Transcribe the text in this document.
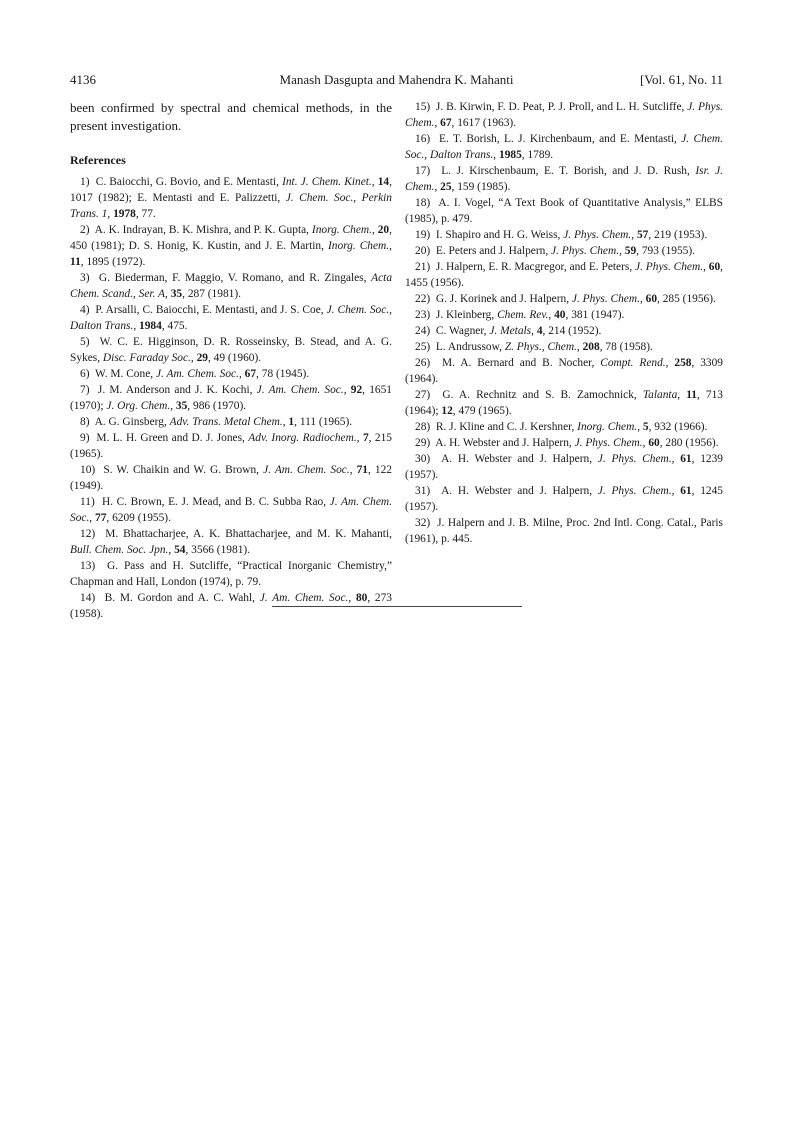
4136	Manash Dasgupta and Mahendra K. Mahanti	[Vol. 61, No. 11

been confirmed by spectral and chemical methods, in the present investigation.

References

1)  C. Baiocchi, G. Bovio, and E. Mentasti, Int. J. Chem. Kinet., 14, 1017 (1982); E. Mentasti and E. Palizzetti, J. Chem. Soc., Perkin Trans. 1, 1978, 77.

2)  A. K. Indrayan, B. K. Mishra, and P. K. Gupta, Inorg. Chem., 20, 450 (1981); D. S. Honig, K. Kustin, and J. E. Martin, Inorg. Chem., 11, 1895 (1972).

3)  G. Biederman, F. Maggio, V. Romano, and R. Zingales, Acta Chem. Scand., Ser. A, 35, 287 (1981).

4)  P. Arsalli, C. Baiocchi, E. Mentasti, and J. S. Coe, J. Chem. Soc., Dalton Trans., 1984, 475.

5)  W. C. E. Higginson, D. R. Rosseinsky, B. Stead, and A. G. Sykes, Disc. Faraday Soc., 29, 49 (1960).

6)  W. M. Cone, J. Am. Chem. Soc., 67, 78 (1945).

7)  J. M. Anderson and J. K. Kochi, J. Am. Chem. Soc., 92, 1651 (1970); J. Org. Chem., 35, 986 (1970).

8)  A. G. Ginsberg, Adv. Trans. Metal Chem., 1, 111 (1965).

9)  M. L. H. Green and D. J. Jones, Adv. Inorg. Radiochem., 7, 215 (1965).

10)  S. W. Chaikin and W. G. Brown, J. Am. Chem. Soc., 71, 122 (1949).

11)  H. C. Brown, E. J. Mead, and B. C. Subba Rao, J. Am. Chem. Soc., 77, 6209 (1955).

12)  M. Bhattacharjee, A. K. Bhattacharjee, and M. K. Mahanti, Bull. Chem. Soc. Jpn., 54, 3566 (1981).

13)  G. Pass and H. Sutcliffe, “Practical Inorganic Chemistry,” Chapman and Hall, London (1974), p. 79.

14)  B. M. Gordon and A. C. Wahl, J. Am. Chem. Soc., 80, 273 (1958).

15)  J. B. Kirwin, F. D. Peat, P. J. Proll, and L. H. Sutcliffe, J. Phys. Chem., 67, 1617 (1963).

16)  E. T. Borish, L. J. Kirchenbaum, and E. Mentasti, J. Chem. Soc., Dalton Trans., 1985, 1789.

17)  L. J. Kirschenbaum, E. T. Borish, and J. D. Rush, Isr. J. Chem., 25, 159 (1985).

18)  A. I. Vogel, “A Text Book of Quantitative Analysis,” ELBS (1985), p. 479.

19)  I. Shapiro and H. G. Weiss, J. Phys. Chem., 57, 219 (1953).

20)  E. Peters and J. Halpern, J. Phys. Chem., 59, 793 (1955).

21)  J. Halpern, E. R. Macgregor, and E. Peters, J. Phys. Chem., 60, 1455 (1956).

22)  G. J. Korinek and J. Halpern, J. Phys. Chem., 60, 285 (1956).

23)  J. Kleinberg, Chem. Rev., 40, 381 (1947).

24)  C. Wagner, J. Metals, 4, 214 (1952).

25)  L. Andrussow, Z. Phys., Chem., 208, 78 (1958).

26)  M. A. Bernard and B. Nocher, Compt. Rend., 258, 3309 (1964).

27)  G. A. Rechnitz and S. B. Zamochnick, Talanta, 11, 713 (1964); 12, 479 (1965).

28)  R. J. Kline and C. J. Kershner, Inorg. Chem., 5, 932 (1966).

29)  A. H. Webster and J. Halpern, J. Phys. Chem., 60, 280 (1956).

30)  A. H. Webster and J. Halpern, J. Phys. Chem., 61, 1239 (1957).

31)  A. H. Webster and J. Halpern, J. Phys. Chem., 61, 1245 (1957).

32)  J. Halpern and J. B. Milne, Proc. 2nd Intl. Cong. Catal., Paris (1961), p. 445.
